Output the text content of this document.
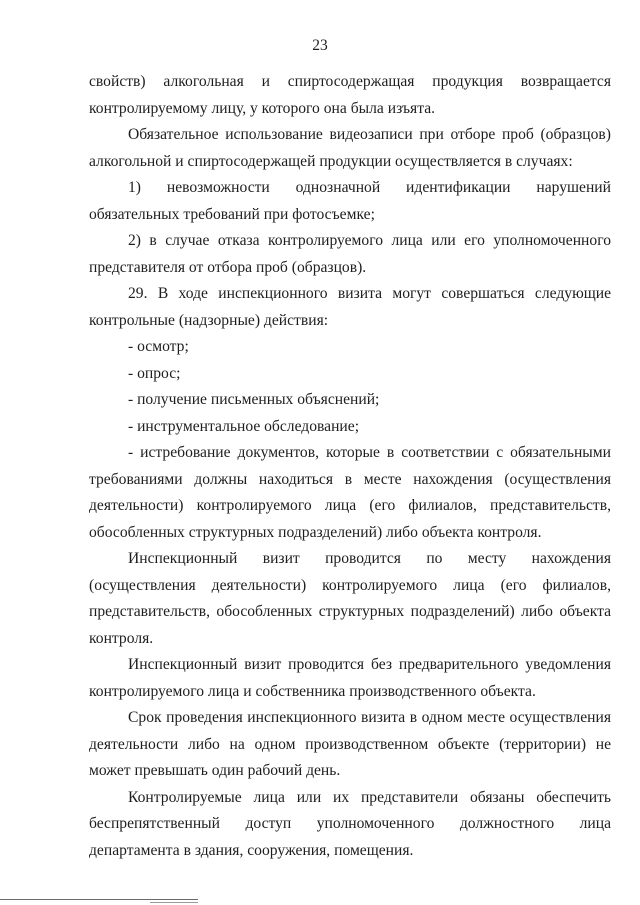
23

свойств) алкогольная и спиртосодержащая продукция возвращается контролируемому лицу, у которого она была изъята.

Обязательное использование видеозаписи при отборе проб (образцов) алкогольной и спиртосодержащей продукции осуществляется в случаях:

1) невозможности однозначной идентификации нарушений обязательных требований при фотосъемке;

2) в случае отказа контролируемого лица или его уполномоченного представителя от отбора проб (образцов).

29. В ходе инспекционного визита могут совершаться следующие контрольные (надзорные) действия:

- осмотр;

- опрос;

- получение письменных объяснений;

- инструментальное обследование;

- истребование документов, которые в соответствии с обязательными требованиями должны находиться в месте нахождения (осуществления деятельности) контролируемого лица (его филиалов, представительств, обособленных структурных подразделений) либо объекта контроля.

Инспекционный визит проводится по месту нахождения (осуществления деятельности) контролируемого лица (его филиалов, представительств, обособленных структурных подразделений) либо объекта контроля.

Инспекционный визит проводится без предварительного уведомления контролируемого лица и собственника производственного объекта.

Срок проведения инспекционного визита в одном месте осуществления деятельности либо на одном производственном объекте (территории) не может превышать один рабочий день.

Контролируемые лица или их представители обязаны обеспечить беспрепятственный доступ уполномоченного должностного лица департамента в здания, сооружения, помещения.
